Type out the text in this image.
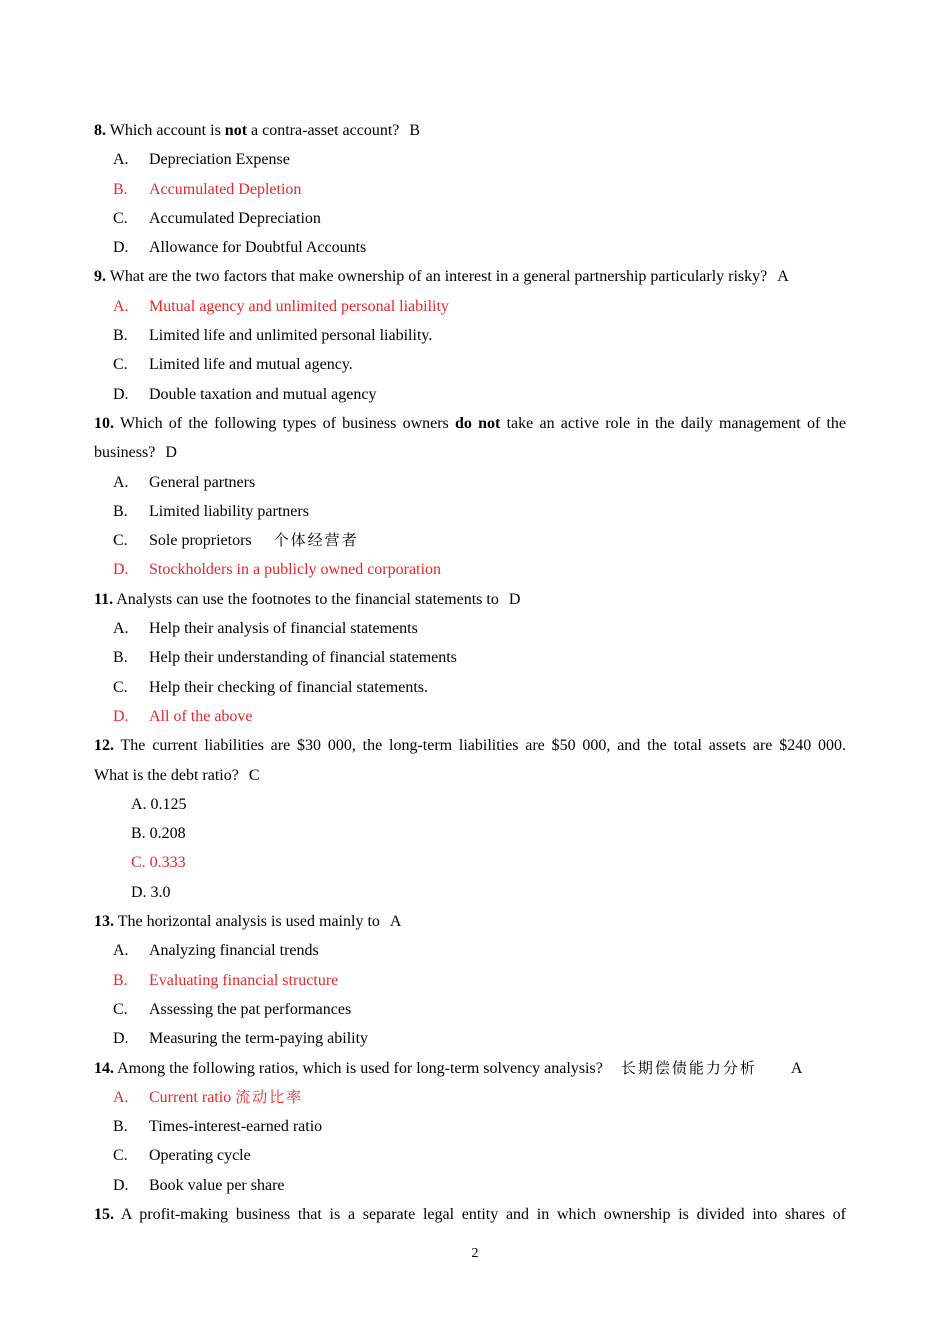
8. Which account is not a contra-asset account? B
A. Depreciation Expense
B. Accumulated Depletion
C. Accumulated Depreciation
D. Allowance for Doubtful Accounts
9. What are the two factors that make ownership of an interest in a general partnership particularly risky? A
A. Mutual agency and unlimited personal liability
B. Limited life and unlimited personal liability.
C. Limited life and mutual agency.
D. Double taxation and mutual agency
10. Which of the following types of business owners do not take an active role in the daily management of the
business? D
A. General partners
B. Limited liability partners
C. Sole proprietors 个体经营者
D. Stockholders in a publicly owned corporation
11. Analysts can use the footnotes to the financial statements to D
A. Help their analysis of financial statements
B. Help their understanding of financial statements
C. Help their checking of financial statements.
D. All of the above
12. The current liabilities are $30 000, the long-term liabilities are $50 000, and the total assets are $240 000.
What is the debt ratio? C
A. 0.125
B. 0.208
C. 0.333
D. 3.0
13. The horizontal analysis is used mainly to A
A. Analyzing financial trends
B. Evaluating financial structure
C. Assessing the pat performances
D. Measuring the term-paying ability
14. Among the following ratios, which is used for long-term solvency analysis? 长期偿债能力分析 A
A. Current ratio 流动比率
B. Times-interest-earned ratio
C. Operating cycle
D. Book value per share
15. A profit-making business that is a separate legal entity and in which ownership is divided into shares of
2
